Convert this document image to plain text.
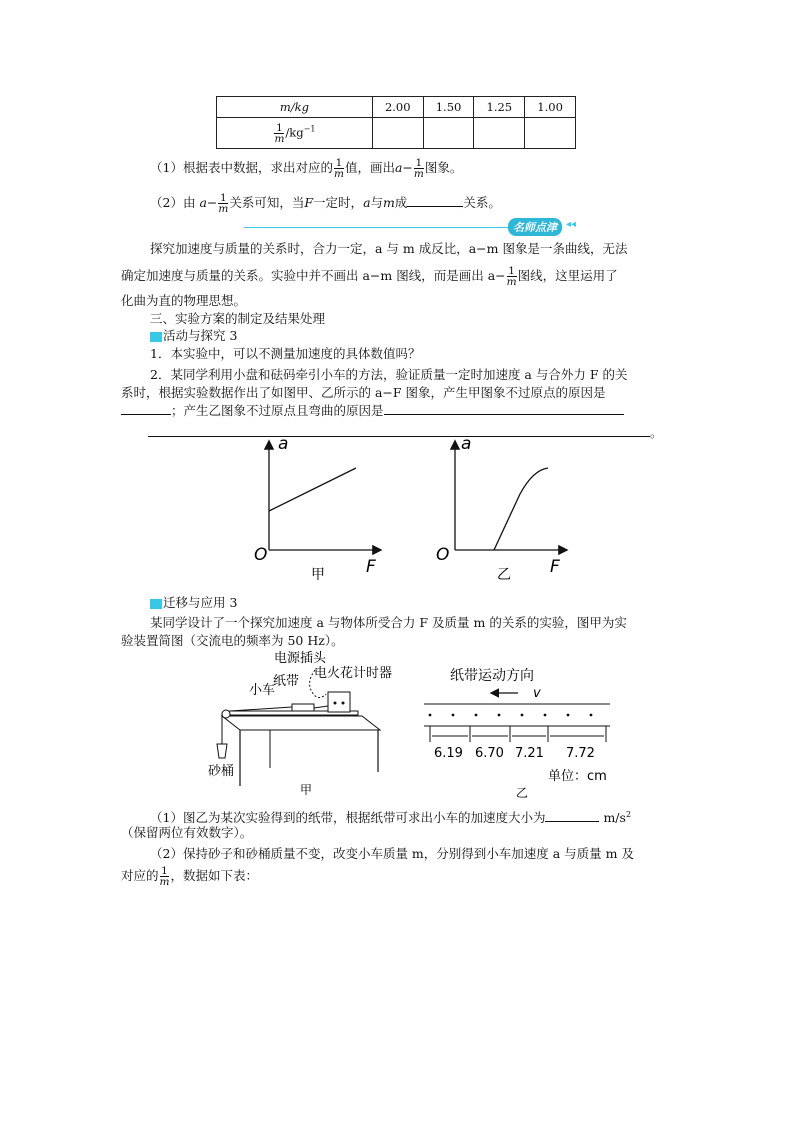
m/kg	2.00	1.50	1.25	1.00

$\frac{1}{m} /kg^{-1}$				
（1）根据表中数据，求出对应的 $\frac{1}{m}$ 值，画出$a- \frac{1}{m}$ 图象。
（2）由 $a- \frac{1}{m}$ 关系可知，当F一定时，a与m成	关系。
名师点津 ◂◂
探究加速度与质量的关系时，合力一定，a 与 m 成反比，a−m 图象是一条曲线，无法
确定加速度与质量的关系。实验中并不画出 a−m 图线，而是画出 $a- \frac{1}{m}$ 图线，这里运用了
化曲为直的物理思想。
三、实验方案的制定及结果处理
活动与探究 3
1．本实验中，可以不测量加速度的具体数值吗？
2．某同学利用小盘和砝码牵引小车的方法，验证质量一定时加速度 a 与合外力 F 的关
系时，根据实验数据作出了如图甲、乙所示的 a−F 图象，产生甲图象不过原点的原因是
；产生乙图象不过原点且弯曲的原因是
。
a
O
F
甲
a
O
F
乙
迁移与应用 3
某同学设计了一个探究加速度 a 与物体所受合力 F 及质量 m 的关系的实验，图甲为实
验装置简图（交流电的频率为 50 Hz）。
电源插头
电火花计时器
纸带
小车
砂桶
甲
纸带运动方向
v
6.19 6.70 7.21 7.72
单位：cm
乙
（1）图乙为某次实验得到的纸带，根据纸带可求出小车的加速度大小为	$m/s^2$
（保留两位有效数字）。
（2）保持砂子和砂桶质量不变，改变小车质量 m，分别得到小车加速度 a 与质量 m 及
对应的 $\frac{1}{m}$ ，数据如下表：
